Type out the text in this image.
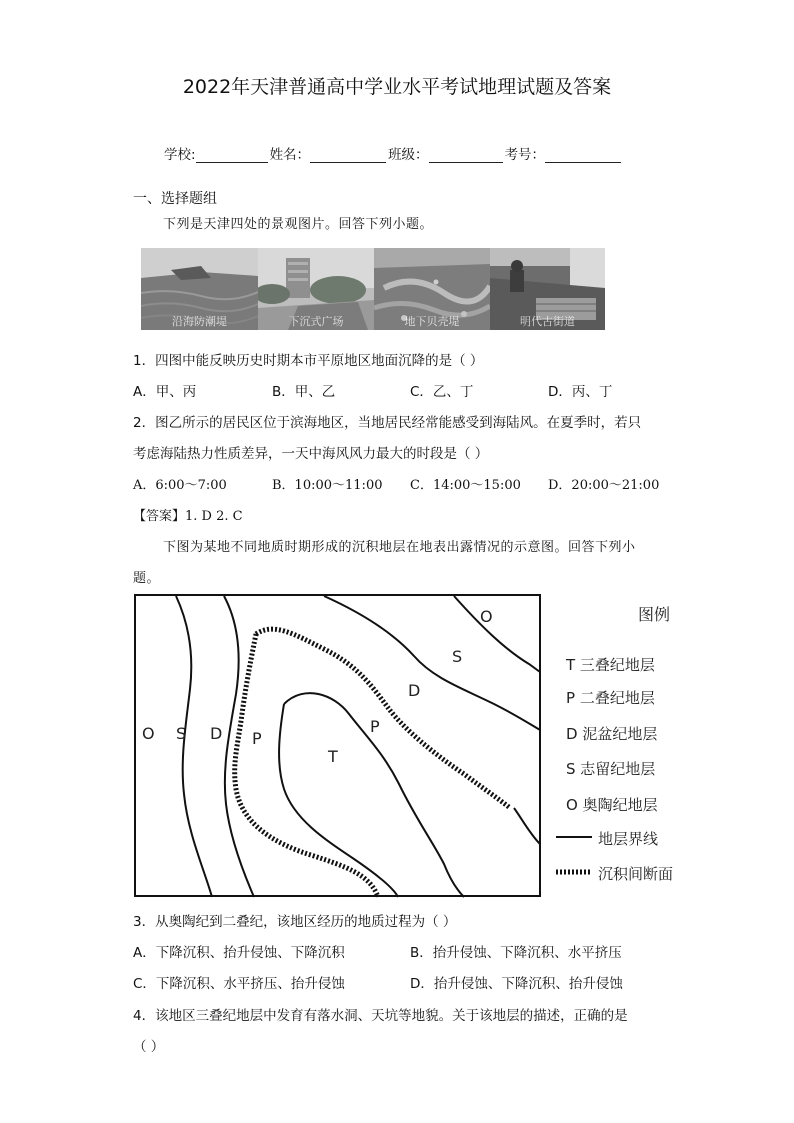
2022年天津普通高中学业水平考试地理试题及答案
学校:	姓名：	班级：	考号：
一、选择题组
下列是天津四处的景观图片。回答下列小题。
沿海防潮堤	下沉式广场	地下贝壳堤	明代古街道
1．四图中能反映历史时期本市平原地区地面沉降的是（ ）
A．甲、丙	B．甲、乙	C．乙、丁	D．丙、丁
2．图乙所示的居民区位于滨海地区，当地居民经常能感受到海陆风。在夏季时，若只
考虑海陆热力性质差异，一天中海风风力最大的时段是（ ）
A．6:00～7:00	B．10:00～11:00 C．14:00～15:00 D．20:00～21:00
【答案】1. D 2. C
下图为某地不同地质时期形成的沉积地层在地表出露情况的示意图。回答下列小
题。
O
S
D
O S D P
P
T
图例
T 三叠纪地层
P 二叠纪地层
D 泥盆纪地层
S 志留纪地层
O 奥陶纪地层
地层界线
沉积间断面
3．从奥陶纪到二叠纪，该地区经历的地质过程为（ ）
A．下降沉积、抬升侵蚀、下降沉积	B．抬升侵蚀、下降沉积、水平挤压
C．下降沉积、水平挤压、抬升侵蚀	D．抬升侵蚀、下降沉积、抬升侵蚀
4．该地区三叠纪地层中发育有落水洞、天坑等地貌。关于该地层的描述，正确的是
（ ）
